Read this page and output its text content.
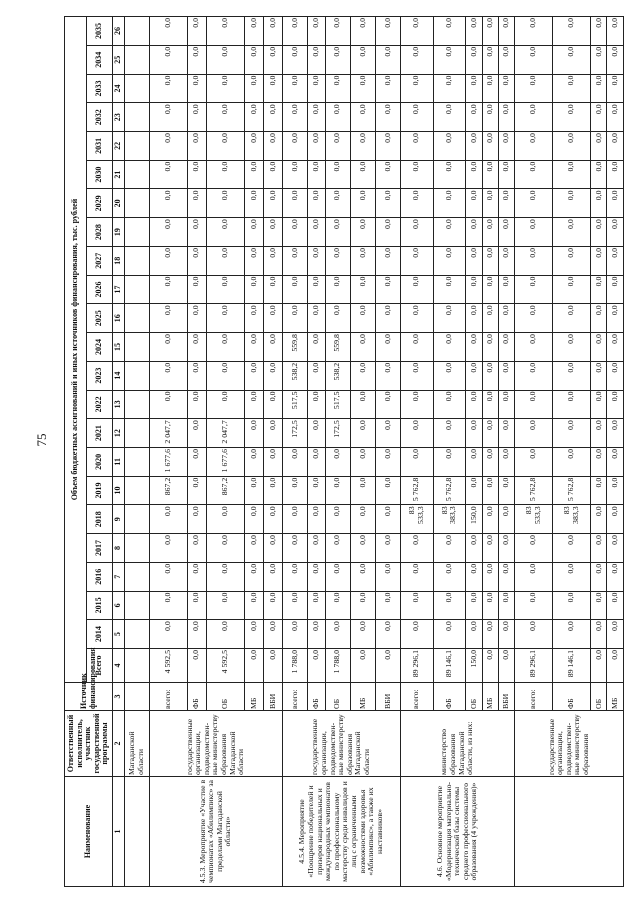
75
Наименование	Ответственный исполнитель, участник государственной программы	Источник финансирования	Объем бюджетных ассигнований и иных источников финансирования, тыс. рублей																						
			Всего	2014	2015	2016	2017	2018	2019	2020	2021	2022	2023	2024	2025	2026	2027	2028	2029	2030	2031	2032	2033	2034	2035
1	2	3	4	5	6	7	8	9	10	11	12	13	14	15	16	17	18	19	20	21	22	23	24	25	26
	Магаданской области																								
4.5.3. Мероприятие «Участие в чемпионатах «Абилимпикс» за пределами Магаданской области»	государственные организации, подведомствен-ные министерству образования Магаданской области	всего:	4 592,5	0,0	0,0	0,0	0,0	0,0	867,2	1 677,6	2 047,7	0,0	0,0	0,0	0,0	0,0	0,0	0,0	0,0	0,0	0,0	0,0	0,0	0,0	0,0
		ФБ	0,0	0,0	0,0	0,0	0,0	0,0	0,0	0,0	0,0	0,0	0,0	0,0	0,0	0,0	0,0	0,0	0,0	0,0	0,0	0,0	0,0	0,0	0,0
		ОБ	4 592,5	0,0	0,0	0,0	0,0	0,0	867,2	1 677,6	2 047,7	0,0	0,0	0,0	0,0	0,0	0,0	0,0	0,0	0,0	0,0	0,0	0,0	0,0	0,0
		МБ	0,0	0,0	0,0	0,0	0,0	0,0	0,0	0,0	0,0	0,0	0,0	0,0	0,0	0,0	0,0	0,0	0,0	0,0	0,0	0,0	0,0	0,0	0,0
		ВБИ	0,0	0,0	0,0	0,0	0,0	0,0	0,0	0,0	0,0	0,0	0,0	0,0	0,0	0,0	0,0	0,0	0,0	0,0	0,0	0,0	0,0	0,0	0,0
4.5.4. Мероприятие «Поощрение победителей и призеров национальных и международных чемпионатов по профессиональному мастерству среди инвалидов и лиц с ограниченными возможностями здоровья «Абилимпикс», а также их наставников»	государственные организации, подведомствен-ные министерству образования Магаданской области	всего:	1 788,0	0,0	0,0	0,0	0,0	0,0	0,0	0,0	172,5	517,5	538,2	559,8	0,0	0,0	0,0	0,0	0,0	0,0	0,0	0,0	0,0	0,0	0,0
		ФБ	0,0	0,0	0,0	0,0	0,0	0,0	0,0	0,0	0,0	0,0	0,0	0,0	0,0	0,0	0,0	0,0	0,0	0,0	0,0	0,0	0,0	0,0	0,0
		ОБ	1 788,0	0,0	0,0	0,0	0,0	0,0	0,0	0,0	172,5	517,5	538,2	559,8	0,0	0,0	0,0	0,0	0,0	0,0	0,0	0,0	0,0	0,0	0,0
		МБ	0,0	0,0	0,0	0,0	0,0	0,0	0,0	0,0	0,0	0,0	0,0	0,0	0,0	0,0	0,0	0,0	0,0	0,0	0,0	0,0	0,0	0,0	0,0
		ВБИ	0,0	0,0	0,0	0,0	0,0	0,0	0,0	0,0	0,0	0,0	0,0	0,0	0,0	0,0	0,0	0,0	0,0	0,0	0,0	0,0	0,0	0,0	0,0
4.6. Основное мероприятие «Модернизация материально-технической базы системы среднего профессионального образования (4 учреждения)»	министерство образования Магаданской области, из них:	всего:	89 296,1	0,0	0,0	0,0	0,0	83 533,3	5 762,8	0,0	0,0	0,0	0,0	0,0	0,0	0,0	0,0	0,0	0,0	0,0	0,0	0,0	0,0	0,0	0,0
		ФБ	89 146,1	0,0	0,0	0,0	0,0	83 383,3	5 762,8	0,0	0,0	0,0	0,0	0,0	0,0	0,0	0,0	0,0	0,0	0,0	0,0	0,0	0,0	0,0	0,0
		ОБ	150,0	0,0	0,0	0,0	0,0	150,0	0,0	0,0	0,0	0,0	0,0	0,0	0,0	0,0	0,0	0,0	0,0	0,0	0,0	0,0	0,0	0,0	0,0
		МБ	0,0	0,0	0,0	0,0	0,0	0,0	0,0	0,0	0,0	0,0	0,0	0,0	0,0	0,0	0,0	0,0	0,0	0,0	0,0	0,0	0,0	0,0	0,0
		ВБИ	0,0	0,0	0,0	0,0	0,0	0,0	0,0	0,0	0,0	0,0	0,0	0,0	0,0	0,0	0,0	0,0	0,0	0,0	0,0	0,0	0,0	0,0	0,0
	государственные организации, подведомствен-ные министерству образования	всего:	89 296,1	0,0	0,0	0,0	0,0	83 533,3	5 762,8	0,0	0,0	0,0	0,0	0,0	0,0	0,0	0,0	0,0	0,0	0,0	0,0	0,0	0,0	0,0	0,0
		ФБ	89 146,1	0,0	0,0	0,0	0,0	83 383,3	5 762,8	0,0	0,0	0,0	0,0	0,0	0,0	0,0	0,0	0,0	0,0	0,0	0,0	0,0	0,0	0,0	0,0
		ОБ	0,0	0,0	0,0	0,0	0,0	0,0	0,0	0,0	0,0	0,0	0,0	0,0	0,0	0,0	0,0	0,0	0,0	0,0	0,0	0,0	0,0	0,0	0,0
		МБ	0,0	0,0	0,0	0,0	0,0	0,0	0,0	0,0	0,0	0,0	0,0	0,0	0,0	0,0	0,0	0,0	0,0	0,0	0,0	0,0	0,0	0,0	0,0
